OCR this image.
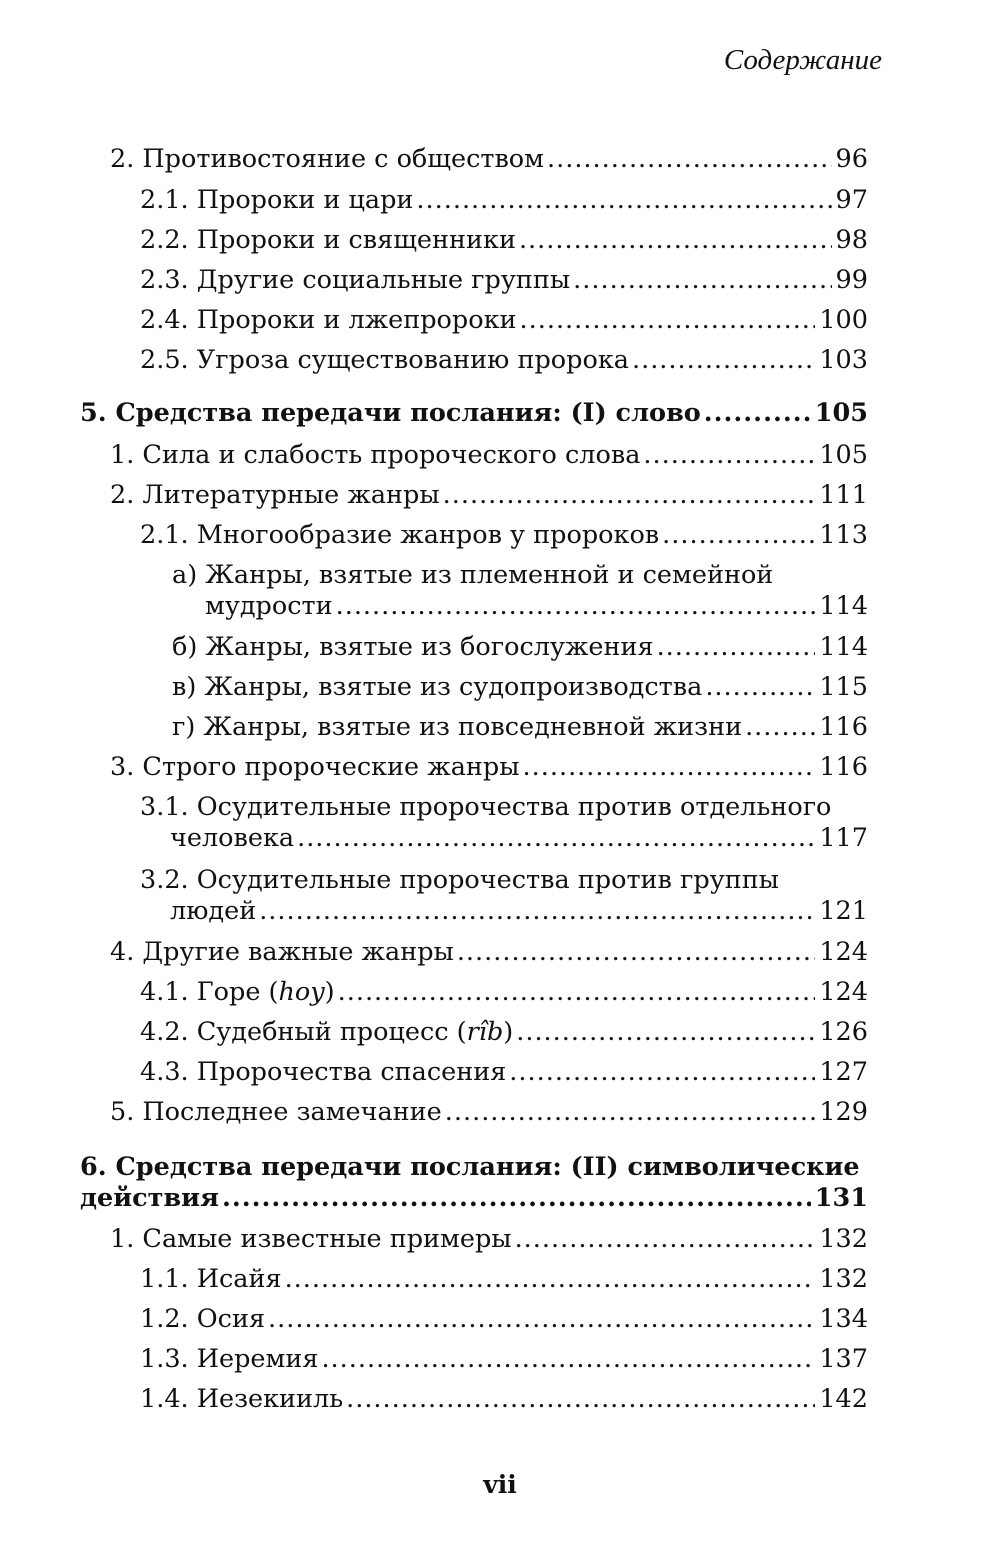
Содержание
2. Противостояние с обществом .....	96
2.1. Пророки и цари .....	97
2.2. Пророки и священники .....	98
2.3. Другие социальные группы .....	99
2.4. Пророки и лжепророки .....	100
2.5. Угроза существованию пророка .....	103
5. Средства передачи послания: (I) слово .....	105
1. Сила и слабость пророческого слова .....	105
2. Литературные жанры .....	111
2.1. Многообразие жанров у пророков .....	113
а) Жанры, взятые из племенной и семейной
мудрости .....	114
б) Жанры, взятые из богослужения .....	114
в) Жанры, взятые из судопроизводства .....	115
г) Жанры, взятые из повседневной жизни .....	116
3. Строго пророческие жанры .....	116
3.1. Осудительные пророчества против отдельного
человека .....	117
3.2. Осудительные пророчества против группы
людей .....	121
4. Другие важные жанры .....	124
4.1. Горе (hoy) .....	124
4.2. Судебный процесс (rîb) .....	126
4.3. Пророчества спасения .....	127
5. Последнее замечание .....	129
6. Средства передачи послания: (II) символические
действия .....	131
1. Самые известные примеры .....	132
1.1. Исайя .....	132
1.2. Осия .....	134
1.3. Иеремия .....	137
1.4. Иезекииль .....	142
vii
